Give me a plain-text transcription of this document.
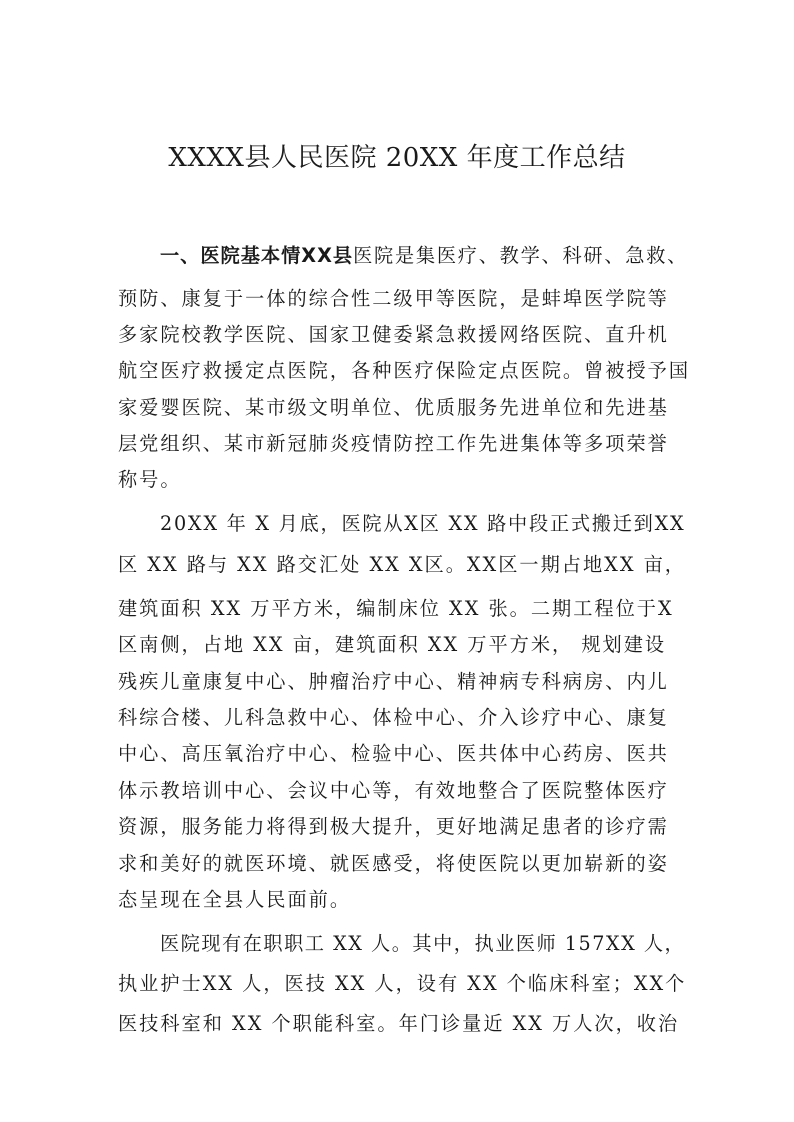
XXXX县人民医院 20XX 年度工作总结
一、医院基本情XX县医院是集医疗、教学、科研、急救、
预防、康复于一体的综合性二级甲等医院，是蚌埠医学院等
多家院校教学医院、国家卫健委紧急救援网络医院、直升机
航空医疗救援定点医院，各种医疗保险定点医院。曾被授予国
家爱婴医院、某市级文明单位、优质服务先进单位和先进基
层党组织、某市新冠肺炎疫情防控工作先进集体等多项荣誉
称号。
20XX 年 X 月底，医院从X区 XX 路中段正式搬迁到XX
区 XX 路与 XX 路交汇处 XX X区。XX区一期占地XX 亩，
建筑面积 XX 万平方米，编制床位 XX 张。二期工程位于X
区南侧，占地 XX 亩，建筑面积 XX 万平方米， 规划建设
残疾儿童康复中心、肿瘤治疗中心、精神病专科病房、内儿
科综合楼、儿科急救中心、体检中心、介入诊疗中心、康复
中心、高压氧治疗中心、检验中心、医共体中心药房、医共
体示教培训中心、会议中心等，有效地整合了医院整体医疗
资源，服务能力将得到极大提升，更好地满足患者的诊疗需
求和美好的就医环境、就医感受，将使医院以更加崭新的姿
态呈现在全县人民面前。
医院现有在职职工 XX 人。其中，执业医师 157XX 人，
执业护士XX 人，医技 XX 人，设有 XX 个临床科室；XX个
医技科室和 XX 个职能科室。年门诊量近 XX 万人次，收治
